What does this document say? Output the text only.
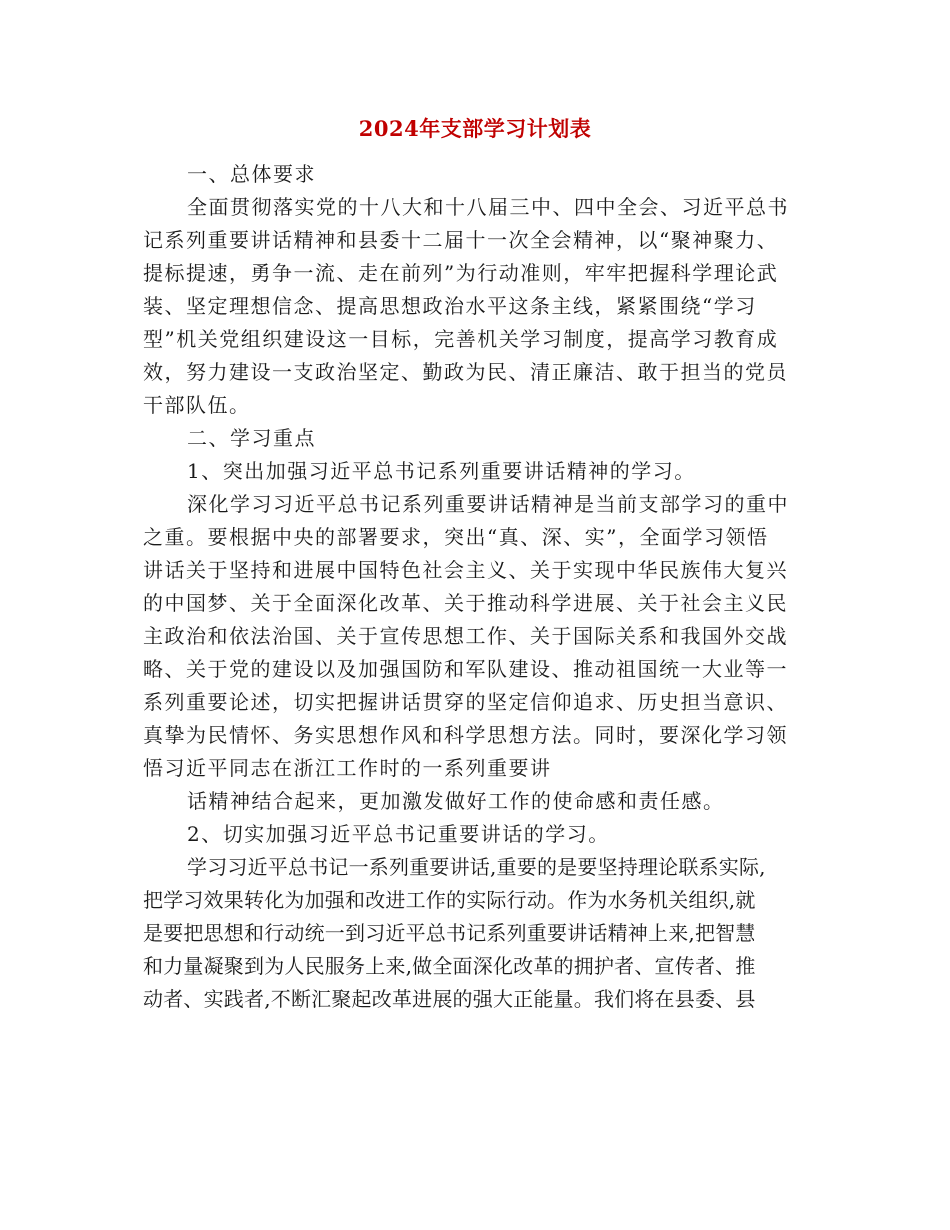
2024年支部学习计划表
一、总体要求
全面贯彻落实党的十八大和十八届三中、四中全会、习近平总书
记系列重要讲话精神和县委十二届十一次全会精神，以“聚神聚力、
提标提速，勇争一流、走在前列”为行动准则，牢牢把握科学理论武
装、坚定理想信念、提高思想政治水平这条主线，紧紧围绕“学习
型”机关党组织建设这一目标，完善机关学习制度，提高学习教育成
效，努力建设一支政治坚定、勤政为民、清正廉洁、敢于担当的党员
干部队伍。
二、学习重点
1、突出加强习近平总书记系列重要讲话精神的学习。
深化学习习近平总书记系列重要讲话精神是当前支部学习的重中
之重。要根据中央的部署要求，突出“真、深、实”，全面学习领悟
讲话关于坚持和进展中国特色社会主义、关于实现中华民族伟大复兴
的中国梦、关于全面深化改革、关于推动科学进展、关于社会主义民
主政治和依法治国、关于宣传思想工作、关于国际关系和我国外交战
略、关于党的建设以及加强国防和军队建设、推动祖国统一大业等一
系列重要论述，切实把握讲话贯穿的坚定信仰追求、历史担当意识、
真挚为民情怀、务实思想作风和科学思想方法。同时，要深化学习领
悟习近平同志在浙江工作时的一系列重要讲
话精神结合起来，更加激发做好工作的使命感和责任感。
2、切实加强习近平总书记重要讲话的学习。
学习习近平总书记一系列重要讲话,重要的是要坚持理论联系实际,
把学习效果转化为加强和改进工作的实际行动。作为水务机关组织,就
是要把思想和行动统一到习近平总书记系列重要讲话精神上来,把智慧
和力量凝聚到为人民服务上来,做全面深化改革的拥护者、宣传者、推
动者、实践者,不断汇聚起改革进展的强大正能量。我们将在县委、县
